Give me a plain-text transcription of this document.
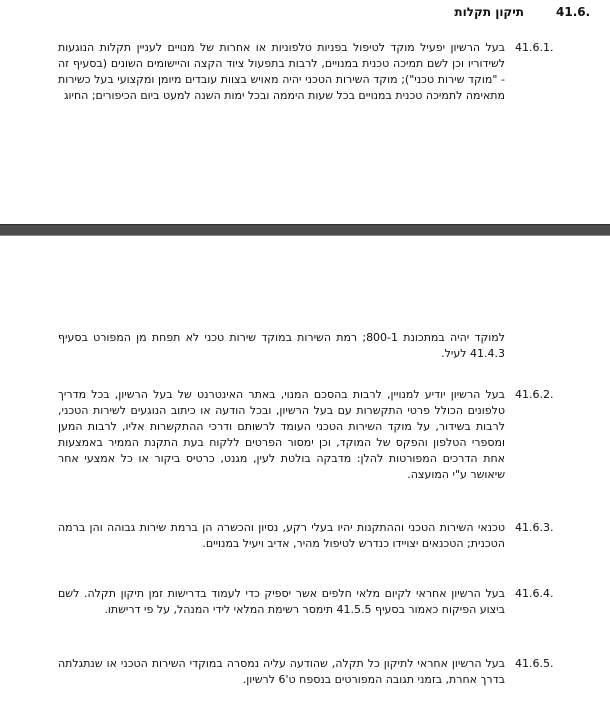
41.6.
תיקון תקלות
41.6.1.
בעל הרשיון יפעיל מוקד לטיפול בפניות טלפוניות או אחרות של מנויים לעניין תקלות הנוגעות לשידוריו וכן לשם תמיכה טכנית במנויים, לרבות בתפעול ציוד הקצה והיישומים השונים (בסעיף זה - "מוקד שירות טכני"); מוקד השירות הטכני יהיה מאויש בצוות עובדים מיומן ומקצועי בעל כשירות מתאימה לתמיכה טכנית במנויים בכל שעות היממה ובכל ימות השנה למעט ביום הכיפורים; החיוג
למוקד יהיה במתכונת 800-1; רמת השירות במוקד שירות טכני לא תפחת מן המפורט בסעיף 41.4.3 לעיל.
41.6.2.
בעל הרשיון יודיע למנויין, לרבות בהסכם המנוי, באתר האינטרנט של בעל הרשיון, בכל מדריך טלפונים הכולל פרטי התקשרות עם בעל הרשיון, ובכל הודעה או כיתוב הנוגעים לשירות הטכני, לרבות בשידור, על מוקד השירות הטכני העומד לרשותם ודרכי ההתקשרות אליו, לרבות המען ומספרי הטלפון והפקס של המוקד, וכן ימסור הפרטים ללקוח בעת התקנת הממיר באמצעות אחת הדרכים המפורטות להלן: מדבקה בולטת לעין, מגנט, כרטיס ביקור או כל אמצעי אחר שיאושר ע"י המועצה.
41.6.3.
טכנאי השירות הטכני וההתקנות יהיו בעלי רקע, נסיון והכשרה הן ברמת שירות גבוהה והן ברמה הטכנית; הטכנאים יצויידו כנדרש לטיפול מהיר, אדיב ויעיל במנויים.
41.6.4.
בעל הרשיון אחראי לקיום מלאי חלפים אשר יספיק כדי לעמוד בדרישות זמן תיקון תקלה. לשם ביצוע הפיקוח כאמור בסעיף 41.5.5 תימסר רשימת המלאי לידי המנהל, על פי דרישתו.
41.6.5.
בעל הרשיון אחראי לתיקון כל תקלה, שהודעה עליה נמסרה במוקדי השירות הטכני או שנתגלתה בדרך אחרת, בזמני תגובה המפורטים בנספח ט'6 לרשיון.
